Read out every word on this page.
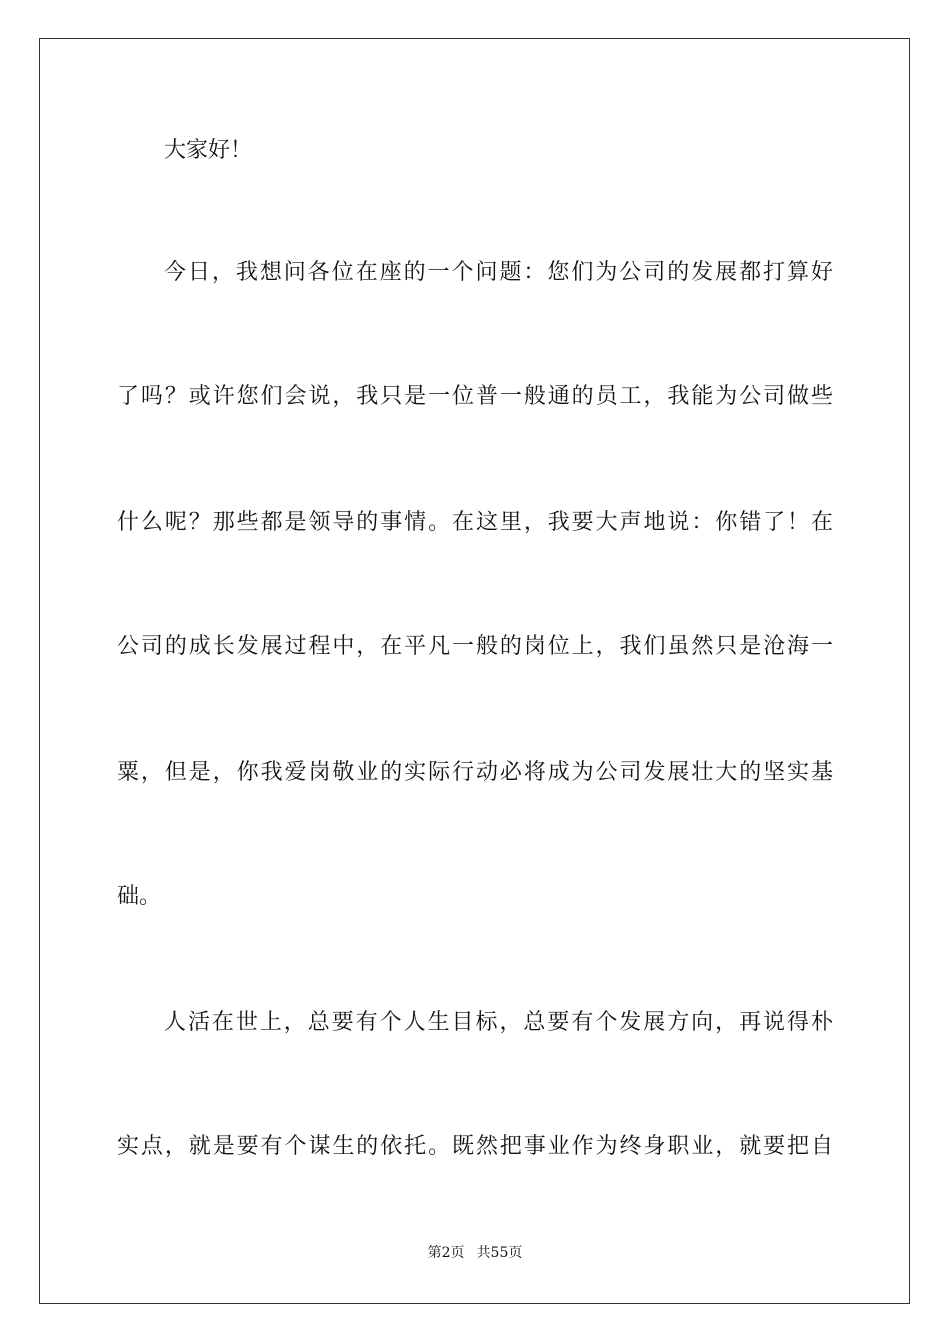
大家好！
今日，我想问各位在座的一个问题：您们为公司的发展都打算好
了吗？或许您们会说，我只是一位普一般通的员工，我能为公司做些
什么呢？那些都是领导的事情。在这里，我要大声地说：你错了！在
公司的成长发展过程中，在平凡一般的岗位上，我们虽然只是沧海一
粟，但是，你我爱岗敬业的实际行动必将成为公司发展壮大的坚实基
础。
人活在世上，总要有个人生目标，总要有个发展方向，再说得朴
实点，就是要有个谋生的依托。既然把事业作为终身职业，就要把自
第2页 共55页
